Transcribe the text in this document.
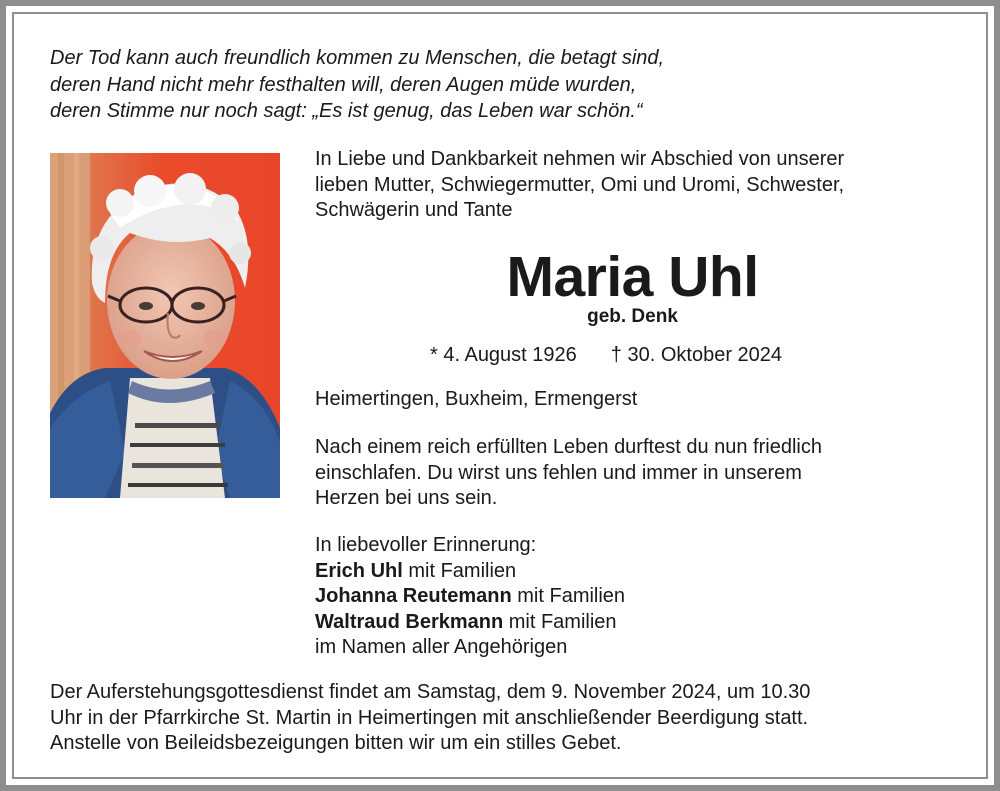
Der Tod kann auch freundlich kommen zu Menschen, die betagt sind,
deren Hand nicht mehr festhalten will, deren Augen müde wurden,
deren Stimme nur noch sagt: „Es ist genug, das Leben war schön.“

In Liebe und Dankbarkeit nehmen wir Abschied von unserer
lieben Mutter, Schwiegermutter, Omi und Uromi, Schwester,
Schwägerin und Tante

Maria Uhl
geb. Denk
* 4. August 1926 † 30. Oktober 2024
Heimertingen, Buxheim, Ermengerst

Nach einem reich erfüllten Leben durftest du nun friedlich
einschlafen. Du wirst uns fehlen und immer in unserem
Herzen bei uns sein.

In liebevoller Erinnerung:
Erich Uhl mit Familien
Johanna Reutemann mit Familien
Waltraud Berkmann mit Familien
im Namen aller Angehörigen

Der Auferstehungsgottesdienst findet am Samstag, dem 9. November 2024, um 10.30
Uhr in der Pfarrkirche St. Martin in Heimertingen mit anschließender Beerdigung statt.
Anstelle von Beileidsbezeigungen bitten wir um ein stilles Gebet.
